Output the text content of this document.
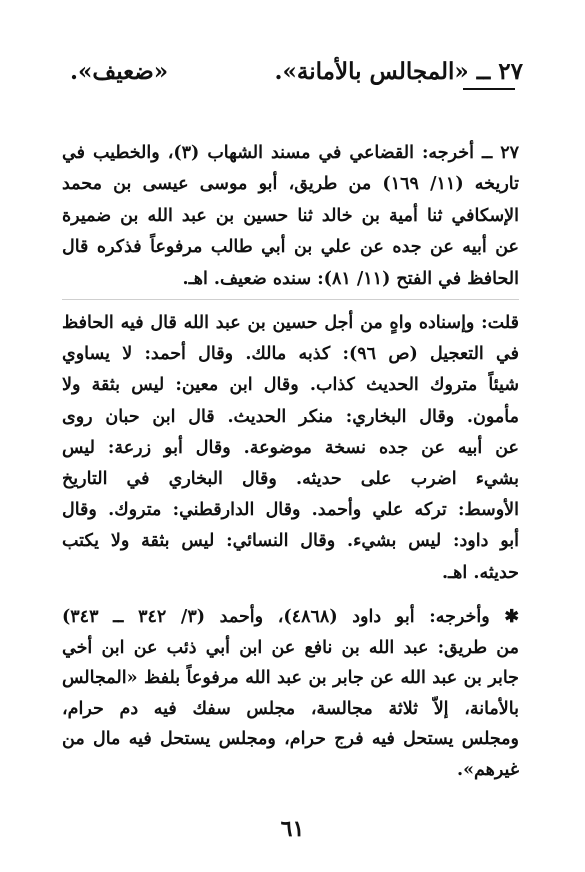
٢٧ ــ «المجالس بالأمانة».
«ضعيف».
٢٧ ــ أخرجه: القضاعي في مسند الشهاب (٣)، والخطيب في
تاريخه (١١/ ١٦٩) من طريق، أبو موسى عيسى بن محمد
الإسكافي ثنا أمية بن خالد ثنا حسين بن عبد الله بن ضميرة
عن أبيه عن جده عن علي بن أبي طالب مرفوعاً فذكره قال
الحافظ في الفتح (١١/ ٨١): سنده ضعيف. اهـ.
قلت: وإسناده واهٍ من أجل حسين بن عبد الله قال فيه الحافظ
في التعجيل (ص ٩٦): كذبه مالك. وقال أحمد: لا يساوي
شيئاً متروك الحديث كذاب. وقال ابن معين: ليس بثقة ولا
مأمون. وقال البخاري: منكر الحديث. قال ابن حبان روى
عن أبيه عن جده نسخة موضوعة. وقال أبو زرعة: ليس
بشيء اضرب على حديثه. وقال البخاري في التاريخ
الأوسط: تركه علي وأحمد. وقال الدارقطني: متروك. وقال
أبو داود: ليس بشيء. وقال النسائي: ليس بثقة ولا يكتب
حديثه. اهـ.
✱ وأخرجه: أبو داود (٤٨٦٨)، وأحمد (٣/ ٣٤٢ ــ ٣٤٣)
من طريق: عبد الله بن نافع عن ابن أبي ذئب عن ابن أخي
جابر بن عبد الله عن جابر بن عبد الله مرفوعاً بلفظ «المجالس
بالأمانة، إلاّ ثلاثة مجالسة، مجلس سفك فيه دم حرام،
ومجلس يستحل فيه فرج حرام، ومجلس يستحل فيه مال من
غيرهم».
٦١
